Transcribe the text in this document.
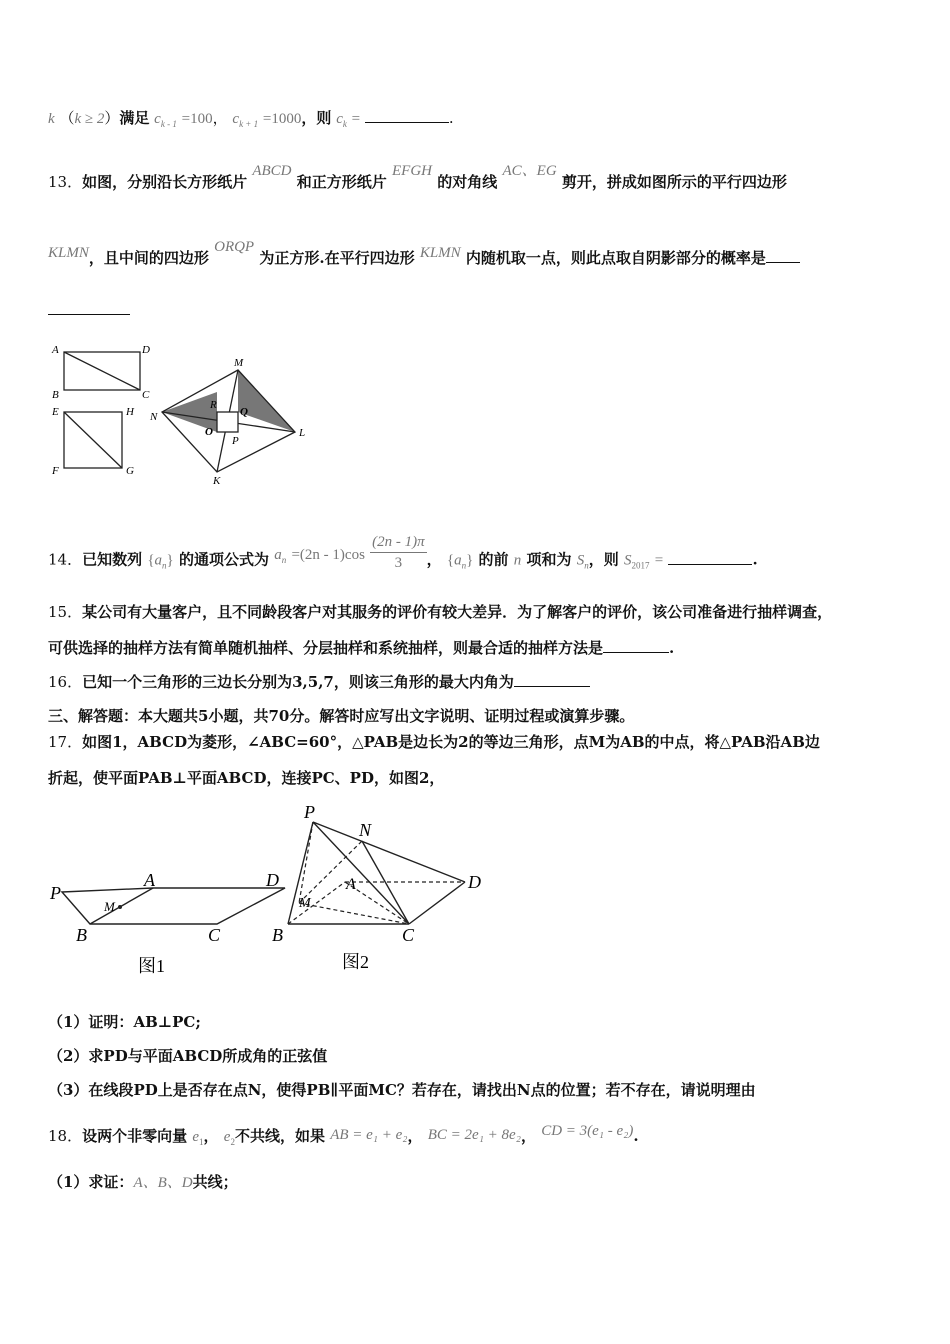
k （k ≥ 2）满足 $c_{k - 1} =100$， $c_{k + 1} =1000$，则 $c_k$ =	.
13．如图，分别沿长方形纸片 ABCD 和正方形纸片 EFGH 的对角线 AC、EG 剪开，拼成如图所示的平行四边形
KLMN，且中间的四边形 ORQP 为正方形.在平行四边形 KLMN 内随机取一点，则此点取自阴影部分的概率是
A	D
B	C
E	H
F	G
M
N
K
L
R
Q
O
P
14．已知数列 $\{a_n\}$ 的通项公式为 $a_n =(2n - 1)\cos \frac{(2n - 1)\pi}{3}$ ， $\{a_n\}$ 的前 n 项和为 $S_n$，则 $S_{2017}$ =	.
15．某公司有大量客户，且不同龄段客户对其服务的评价有较大差异．为了解客户的评价，该公司准备进行抽样调查，
可供选择的抽样方法有简单随机抽样、分层抽样和系统抽样，则最合适的抽样方法是	.
16．已知一个三角形的三边长分别为3,5,7，则该三角形的最大内角为
三、解答题：本大题共5小题，共70分。解答时应写出文字说明、证明过程或演算步骤。
17．如图1，ABCD为菱形，∠ABC=60°，△PAB是边长为2的等边三角形，点M为AB的中点，将△PAB沿AB边
折起，使平面PAB⊥平面ABCD，连接PC、PD，如图2，
P
A	D
B	C
M
图1
P
N
A	D
M
B	C
图2
（1）证明：AB⊥PC;
（2）求PD与平面ABCD所成角的正弦值
（3）在线段PD上是否存在点N，使得PB∥平面MC？若存在，请找出N点的位置；若不存在，请说明理由
18．设两个非零向量 $e_1$， $e_2$不共线，如果 AB = e₁ + e₂， BC = 2e₁ + 8e₂， CD = 3(e₁ - e₂).
（1）求证：A、B、D共线；
